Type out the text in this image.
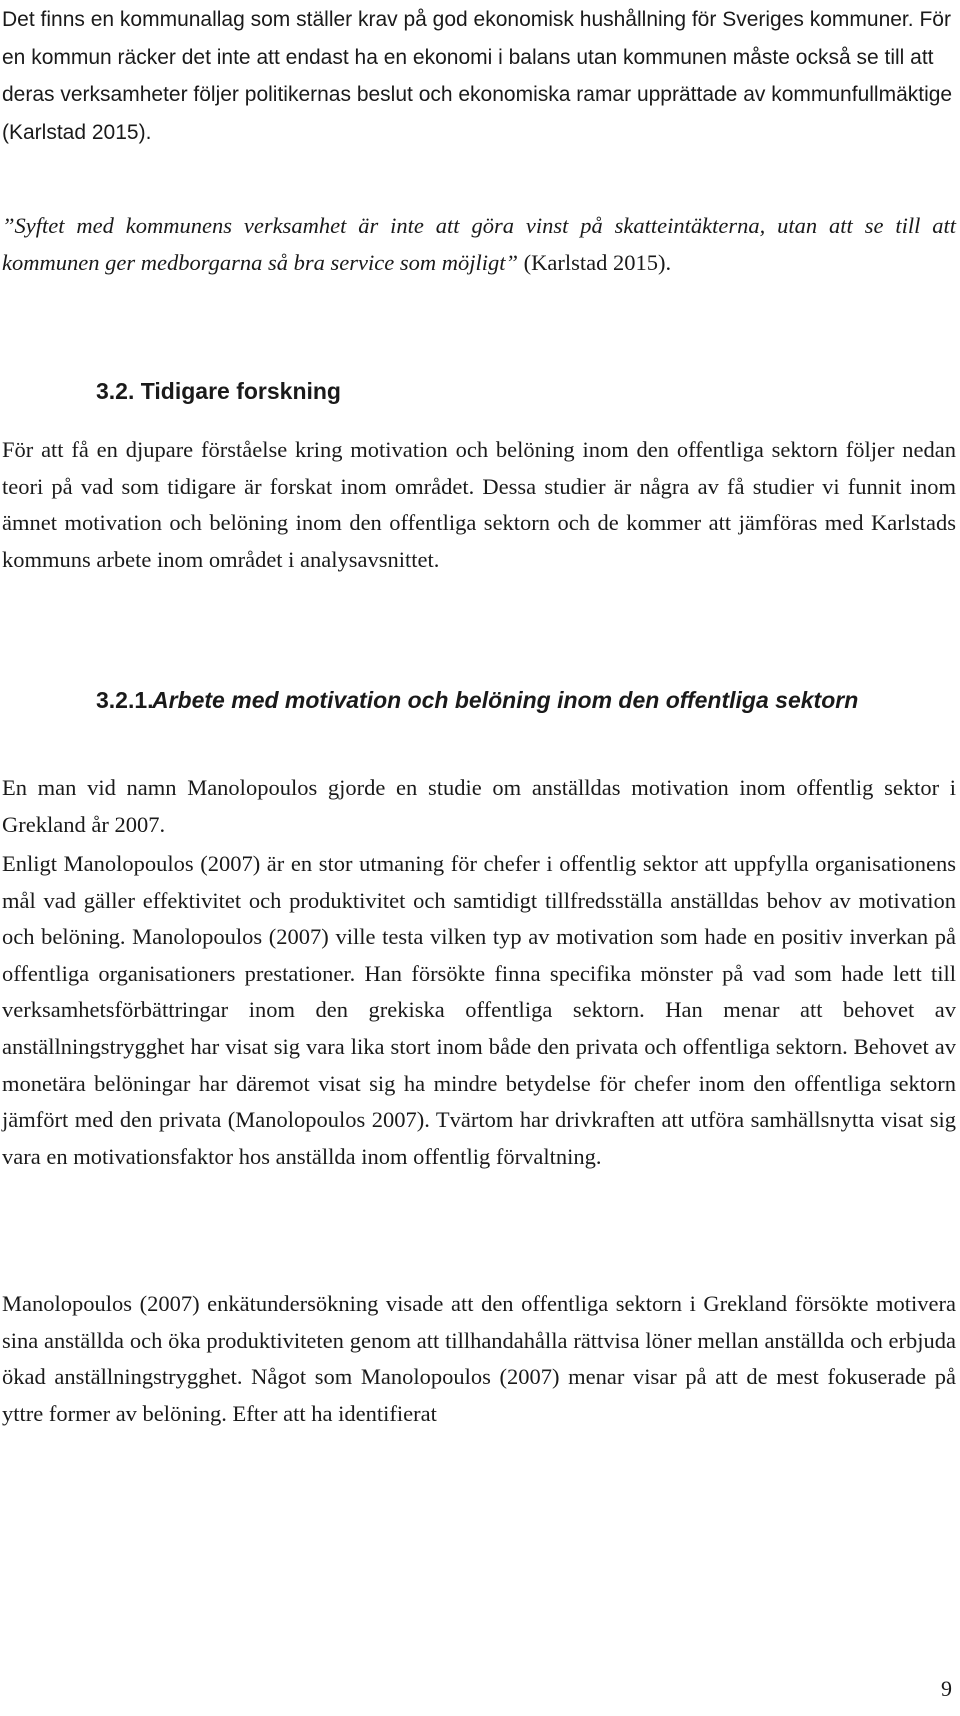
Det finns en kommunallag som ställer krav på god ekonomisk hushållning för Sveriges kommuner. För en kommun räcker det inte att endast ha en ekonomi i balans utan kommunen måste också se till att deras verksamheter följer politikernas beslut och ekonomiska ramar upprättade av kommunfullmäktige (Karlstad 2015).

”Syftet med kommunens verksamhet är inte att göra vinst på skatteintäkterna, utan att se till att kommunen ger medborgarna så bra service som möjligt” (Karlstad 2015).

3.2. Tidigare forskning

För att få en djupare förståelse kring motivation och belöning inom den offentliga sektorn följer nedan teori på vad som tidigare är forskat inom området. Dessa studier är några av få studier vi funnit inom ämnet motivation och belöning inom den offentliga sektorn och de kommer att jämföras med Karlstads kommuns arbete inom området i analysavsnittet.

3.2.1.Arbete med motivation och belöning inom den offentliga sektorn

En man vid namn Manolopoulos gjorde en studie om anställdas motivation inom offentlig sektor i Grekland år 2007.

Enligt Manolopoulos (2007) är en stor utmaning för chefer i offentlig sektor att uppfylla organisationens mål vad gäller effektivitet och produktivitet och samtidigt tillfredsställa anställdas behov av motivation och belöning. Manolopoulos (2007) ville testa vilken typ av motivation som hade en positiv inverkan på offentliga organisationers prestationer. Han försökte finna specifika mönster på vad som hade lett till verksamhetsförbättringar inom den grekiska offentliga sektorn. Han menar att behovet av anställningstrygghet har visat sig vara lika stort inom både den privata och offentliga sektorn. Behovet av monetära belöningar har däremot visat sig ha mindre betydelse för chefer inom den offentliga sektorn jämfört med den privata (Manolopoulos 2007). Tvärtom har drivkraften att utföra samhällsnytta visat sig vara en motivationsfaktor hos anställda inom offentlig förvaltning.

Manolopoulos (2007) enkätundersökning visade att den offentliga sektorn i Grekland försökte motivera sina anställda och öka produktiviteten genom att tillhandahålla rättvisa löner mellan anställda och erbjuda ökad anställningstrygghet. Något som Manolopoulos (2007) menar visar på att de mest fokuserade på yttre former av belöning. Efter att ha identifierat

9
